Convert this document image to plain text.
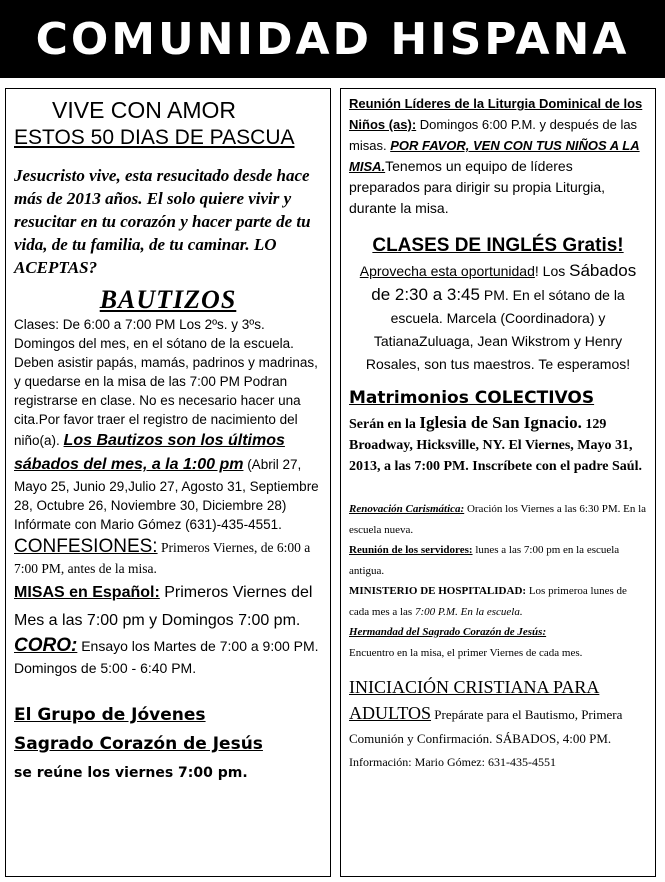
COMUNIDAD HISPANA

VIVE CON AMOR

ESTOS 50 DIAS DE PASCUA

Jesucristo vive, esta resucitado desde hace más de 2013 años. El solo quiere vivir y resucitar en tu corazón y hacer parte de tu vida, de tu familia, de tu caminar. LO ACEPTAS?

BAUTIZOS

Clases: De 6:00 a 7:00 PM Los 2ºs. y 3ºs. Domingos del mes, en el sótano de la escuela. Deben asistir papás, mamás, padrinos y madrinas, y quedarse en la misa de las 7:00 PM Podran registrarse en clase. No es necesario hacer una cita.Por favor traer el registro de nacimiento del niño(a). Los Bautizos son los últimos sábados del mes, a la 1:00 pm (Abril 27, Mayo 25, Junio 29,Julio 27, Agosto 31, Septiembre 28, Octubre 26, Noviembre 30, Diciembre 28) Infórmate con Mario Gómez (631)-435-4551.

CONFESIONES: Primeros Viernes, de 6:00 a 7:00 PM, antes de la misa.

MISAS en Español: Primeros Viernes del Mes a las 7:00 pm y Domingos 7:00 pm.

CORO: Ensayo los Martes de 7:00 a 9:00 PM. Domingos de 5:00 - 6:40 PM.

El Grupo de Jóvenes

Sagrado Corazón de Jesús

se reúne los viernes 7:00 pm.

Reunión Líderes de la Liturgia Dominical de los Niños (as): Domingos 6:00 P.M. y después de las misas. POR FAVOR, VEN CON TUS NIÑOS A LA MISA.Tenemos un equipo de líderes preparados para dirigir su propia Liturgia, durante la misa.

CLASES DE INGLÉS Gratis!

Aprovecha esta oportunidad! Los Sábados de 2:30 a 3:45 PM. En el sótano de la escuela. Marcela (Coordinadora) y TatianaZuluaga, Jean Wikstrom y Henry Rosales, son tus maestros. Te esperamos!

Matrimonios COLECTIVOS

Serán en la Iglesia de San Ignacio. 129 Broadway, Hicksville, NY. El Viernes, Mayo 31, 2013, a las 7:00 PM. Inscríbete con el padre Saúl.

Renovación Carismática: Oración los Viernes a las 6:30 PM. En la escuela nueva.

Reunión de los servidores: lunes a las 7:00 pm en la escuela antigua.

MINISTERIO DE HOSPITALIDAD: Los primeroa lunes de cada mes a las 7:00 P.M. En la escuela.

Hermandad del Sagrado Corazón de Jesús:

Encuentro en la misa, el primer Viernes de cada mes.

INICIACIÓN CRISTIANA PARA ADULTOS Prepárate para el Bautismo, Primera Comunión y Confirmación. SÁBADOS, 4:00 PM.

Información: Mario Gómez: 631-435-4551
